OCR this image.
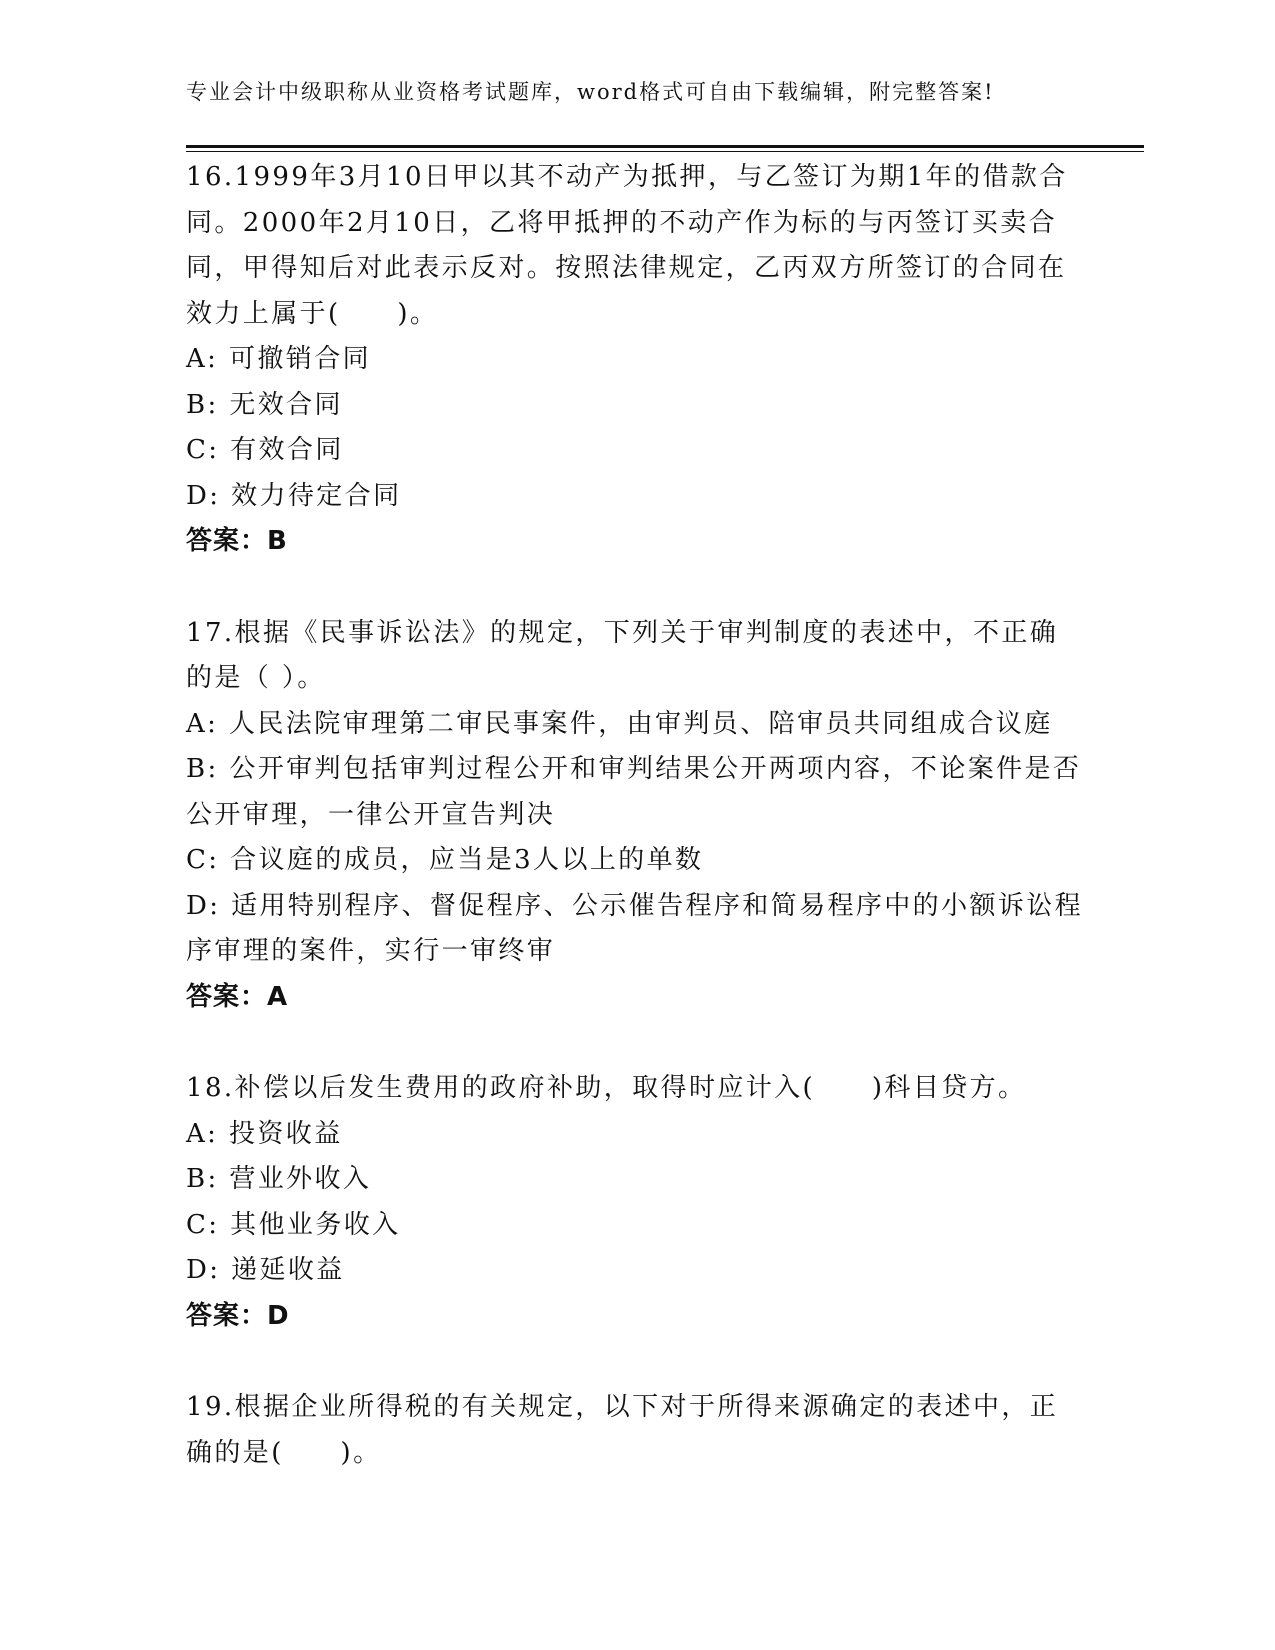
专业会计中级职称从业资格考试题库，word格式可自由下载编辑，附完整答案!

16.1999年3月10日甲以其不动产为抵押，与乙签订为期1年的借款合同。2000年2月10日，乙将甲抵押的不动产作为标的与丙签订买卖合同，甲得知后对此表示反对。按照法律规定，乙丙双方所签订的合同在效力上属于(　　)。

A: 可撤销合同

B: 无效合同

C: 有效合同

D: 效力待定合同

答案：B

17.根据《民事诉讼法》的规定，下列关于审判制度的表述中，不正确的是（ ）。

A: 人民法院审理第二审民事案件，由审判员、陪审员共同组成合议庭

B: 公开审判包括审判过程公开和审判结果公开两项内容，不论案件是否公开审理，一律公开宣告判决

C: 合议庭的成员，应当是3人以上的单数

D: 适用特别程序、督促程序、公示催告程序和简易程序中的小额诉讼程序审理的案件，实行一审终审

答案：A

18.补偿以后发生费用的政府补助，取得时应计入(　　)科目贷方。

A: 投资收益

B: 营业外收入

C: 其他业务收入

D: 递延收益

答案：D

19.根据企业所得税的有关规定，以下对于所得来源确定的表述中，正确的是(　　)。
